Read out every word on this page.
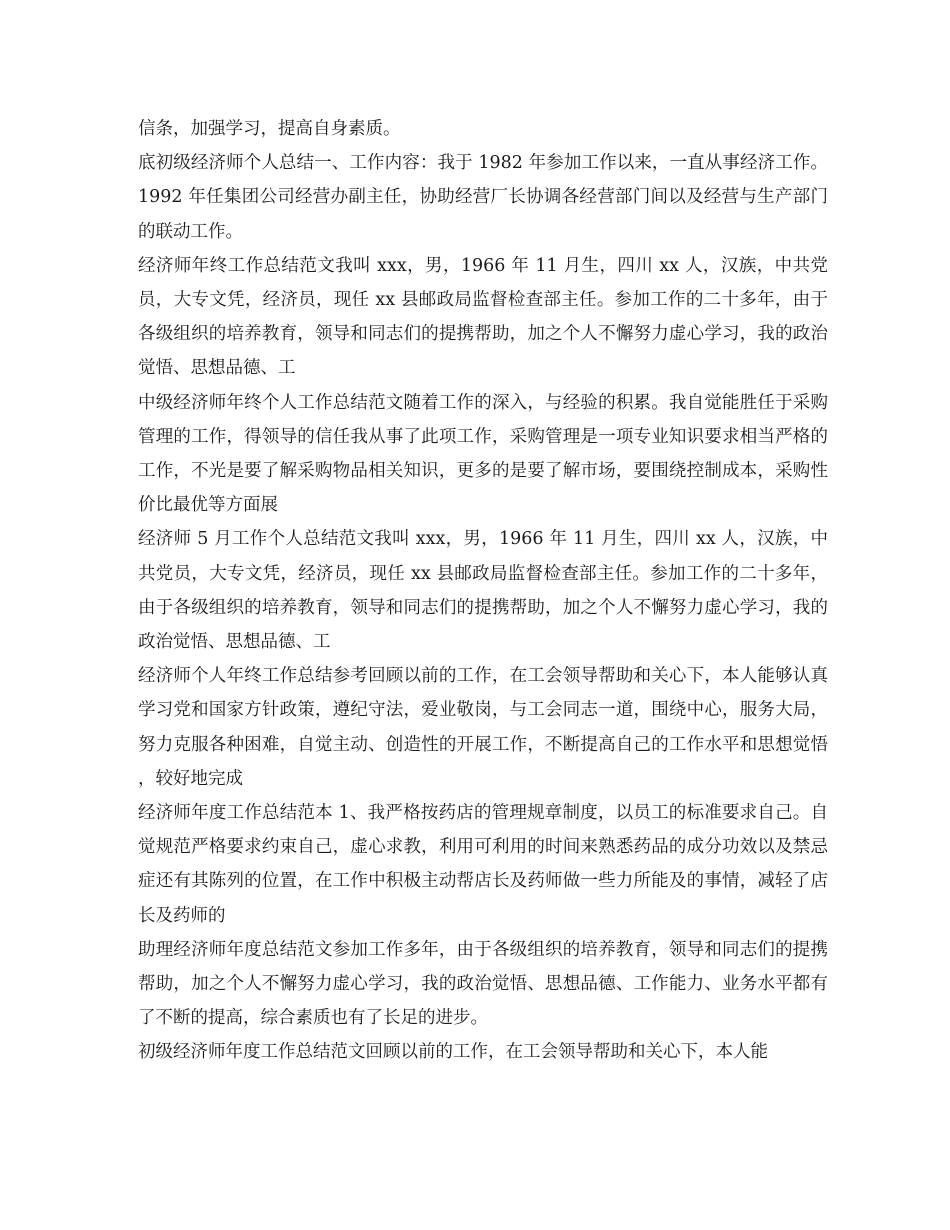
信条，加强学习，提高自身素质。

底初级经济师个人总结一、工作内容：我于 1982 年参加工作以来，一直从事经济工作。1992 年任集团公司经营办副主任，协助经营厂长协调各经营部门间以及经营与生产部门的联动工作。

经济师年终工作总结范文我叫 xxx，男，1966 年 11 月生，四川 xx 人，汉族，中共党员，大专文凭，经济员，现任 xx 县邮政局监督检查部主任。参加工作的二十多年，由于各级组织的培养教育，领导和同志们的提携帮助，加之个人不懈努力虚心学习，我的政治觉悟、思想品德、工

中级经济师年终个人工作总结范文随着工作的深入，与经验的积累。我自觉能胜任于采购管理的工作，得领导的信任我从事了此项工作，采购管理是一项专业知识要求相当严格的工作，不光是要了解采购物品相关知识，更多的是要了解市场，要围绕控制成本，采购性价比最优等方面展

经济师 5 月工作个人总结范文我叫 xxx，男，1966 年 11 月生，四川 xx 人，汉族，中共党员，大专文凭，经济员，现任 xx 县邮政局监督检查部主任。参加工作的二十多年，由于各级组织的培养教育，领导和同志们的提携帮助，加之个人不懈努力虚心学习，我的政治觉悟、思想品德、工

经济师个人年终工作总结参考回顾以前的工作，在工会领导帮助和关心下，本人能够认真学习党和国家方针政策，遵纪守法，爱业敬岗，与工会同志一道，围绕中心，服务大局，努力克服各种困难，自觉主动、创造性的开展工作，不断提高自己的工作水平和思想觉悟，较好地完成

经济师年度工作总结范本 1、我严格按药店的管理规章制度，以员工的标准要求自己。自觉规范严格要求约束自己，虚心求教，利用可利用的时间来熟悉药品的成分功效以及禁忌症还有其陈列的位置，在工作中积极主动帮店长及药师做一些力所能及的事情，减轻了店长及药师的

助理经济师年度总结范文参加工作多年，由于各级组织的培养教育，领导和同志们的提携帮助，加之个人不懈努力虚心学习，我的政治觉悟、思想品德、工作能力、业务水平都有了不断的提高，综合素质也有了长足的进步。

初级经济师年度工作总结范文回顾以前的工作，在工会领导帮助和关心下，本人能
